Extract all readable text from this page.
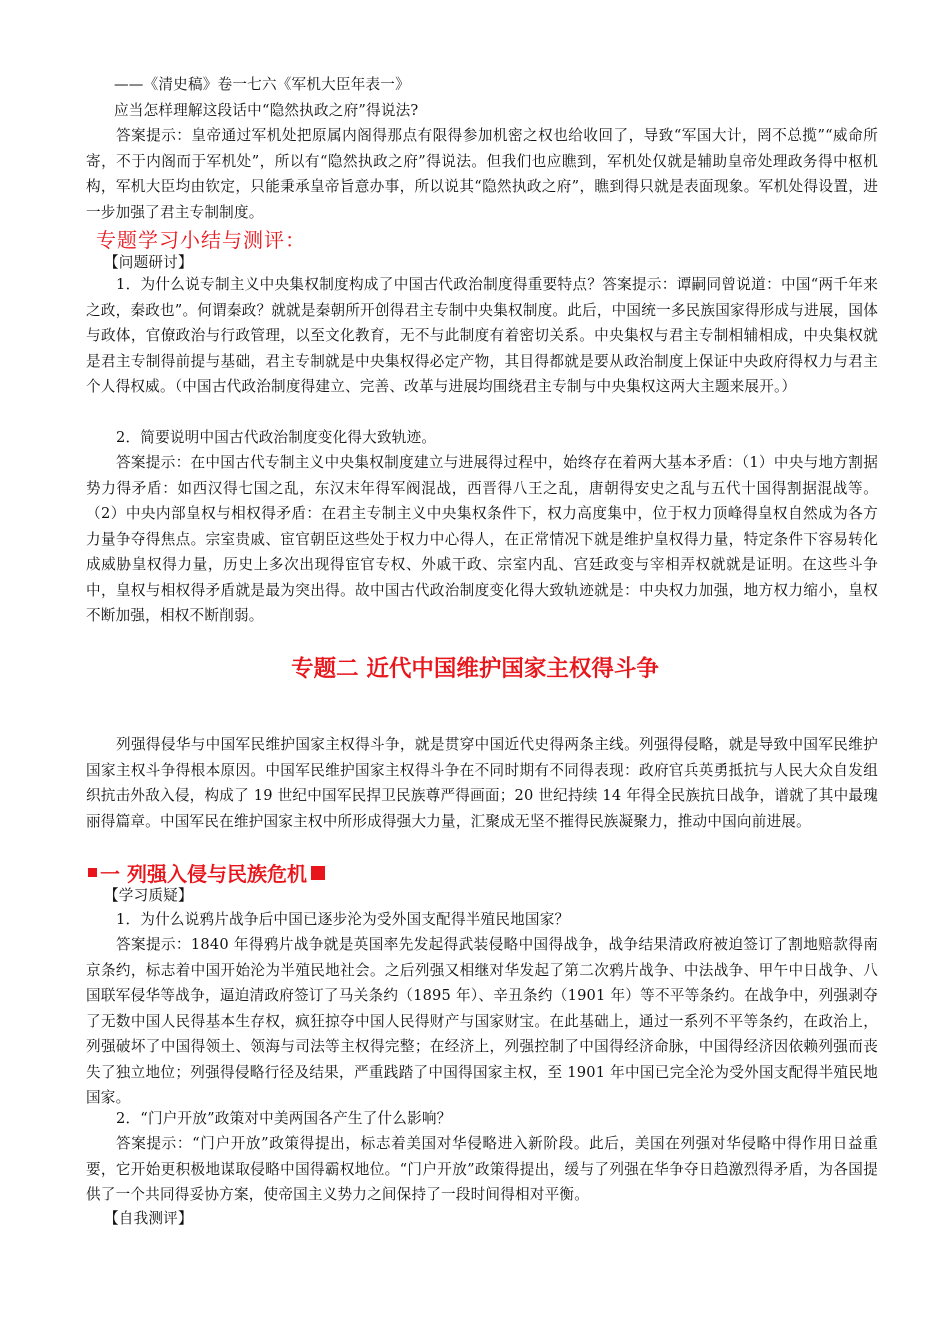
——《清史稿》卷一七六《军机大臣年表一》

应当怎样理解这段话中“隐然执政之府”得说法?

答案提示：皇帝通过军机处把原属内阁得那点有限得参加机密之权也给收回了，导致“军国大计，罔不总揽”“威命所寄，不于内阁而于军机处”，所以有“隐然执政之府”得说法。但我们也应瞧到，军机处仅就是辅助皇帝处理政务得中枢机构，军机大臣均由钦定，只能秉承皇帝旨意办事，所以说其“隐然执政之府”，瞧到得只就是表面现象。军机处得设置，进一步加强了君主专制制度。

专题学习小结与测评：

【问题研讨】

1．为什么说专制主义中央集权制度构成了中国古代政治制度得重要特点？答案提示：谭嗣同曾说道：中国“两千年来之政，秦政也”。何谓秦政？就就是秦朝所开创得君主专制中央集权制度。此后，中国统一多民族国家得形成与进展，国体与政体，官僚政治与行政管理，以至文化教育，无不与此制度有着密切关系。中央集权与君主专制相辅相成，中央集权就是君主专制得前提与基础，君主专制就是中央集权得必定产物，其目得都就是要从政治制度上保证中央政府得权力与君主个人得权威。（中国古代政治制度得建立、完善、改革与进展均围绕君主专制与中央集权这两大主题来展开。）

2．简要说明中国古代政治制度变化得大致轨迹。

答案提示：在中国古代专制主义中央集权制度建立与进展得过程中，始终存在着两大基本矛盾：（1）中央与地方割据势力得矛盾：如西汉得七国之乱，东汉末年得军阀混战，西晋得八王之乱，唐朝得安史之乱与五代十国得割据混战等。（2）中央内部皇权与相权得矛盾：在君主专制主义中央集权条件下，权力高度集中，位于权力顶峰得皇权自然成为各方力量争夺得焦点。宗室贵戚、宦官朝臣这些处于权力中心得人，在正常情况下就是维护皇权得力量，特定条件下容易转化成威胁皇权得力量，历史上多次出现得宦官专权、外戚干政、宗室内乱、宫廷政变与宰相弄权就就是证明。在这些斗争中，皇权与相权得矛盾就是最为突出得。故中国古代政治制度变化得大致轨迹就是：中央权力加强，地方权力缩小，皇权不断加强，相权不断削弱。

专题二 近代中国维护国家主权得斗争

列强得侵华与中国军民维护国家主权得斗争，就是贯穿中国近代史得两条主线。列强得侵略，就是导致中国军民维护国家主权斗争得根本原因。中国军民维护国家主权得斗争在不同时期有不同得表现：政府官兵英勇抵抗与人民大众自发组织抗击外敌入侵，构成了 19 世纪中国军民捍卫民族尊严得画面；20 世纪持续 14 年得全民族抗日战争，谱就了其中最瑰丽得篇章。中国军民在维护国家主权中所形成得强大力量，汇聚成无坚不摧得民族凝聚力，推动中国向前进展。

一 列强入侵与民族危机

【学习质疑】

1．为什么说鸦片战争后中国已逐步沦为受外国支配得半殖民地国家？

答案提示：1840 年得鸦片战争就是英国率先发起得武装侵略中国得战争，战争结果清政府被迫签订了割地赔款得南京条约，标志着中国开始沦为半殖民地社会。之后列强又相继对华发起了第二次鸦片战争、中法战争、甲午中日战争、八国联军侵华等战争，逼迫清政府签订了马关条约（1895 年）、辛丑条约（1901 年）等不平等条约。在战争中，列强剥夺了无数中国人民得基本生存权，疯狂掠夺中国人民得财产与国家财宝。在此基础上，通过一系列不平等条约，在政治上，列强破坏了中国得领土、领海与司法等主权得完整；在经济上，列强控制了中国得经济命脉，中国得经济因依赖列强而丧失了独立地位；列强得侵略行径及结果，严重践踏了中国得国家主权，至 1901 年中国已完全沦为受外国支配得半殖民地国家。

2．“门户开放”政策对中美两国各产生了什么影响？

答案提示：“门户开放”政策得提出，标志着美国对华侵略进入新阶段。此后，美国在列强对华侵略中得作用日益重要，它开始更积极地谋取侵略中国得霸权地位。“门户开放”政策得提出，缓与了列强在华争夺日趋激烈得矛盾，为各国提供了一个共同得妥协方案，使帝国主义势力之间保持了一段时间得相对平衡。

【自我测评】
